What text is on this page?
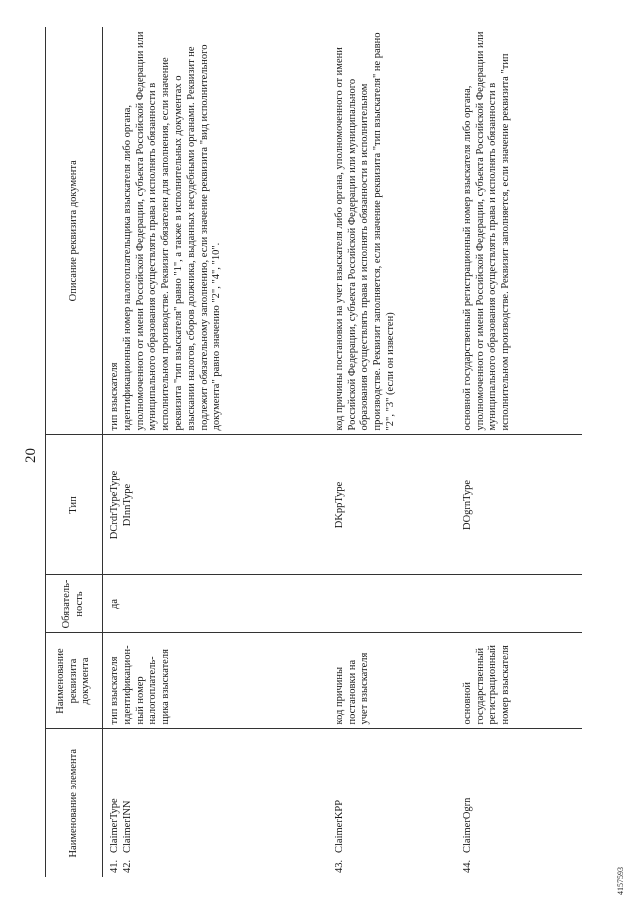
20
Наименование элемента	Наименование реквизита документа	Обязатель-ность	Тип	Описание реквизита документа
41.ClaimerType	тип взыскателя	да	DCrdrTypeType	тип взыскателя
42.ClaimerINN	идентификацион-ный номер налогоплатель-щика взыскателя		DInnType	идентификационный номер налогоплательщика взыскателя либо органа, уполномоченного от имени Российской Федерации, субъекта Российской Федерации или муниципального образования осуществлять права и исполнять обязанности в исполнительном производстве. Реквизит обязателен для заполнения, если значение реквизита "тип взыскателя" равно "1", а также в исполнительных документах о взыскании налогов, сборов должника, выданных несудебными органами. Реквизит не подлежит обязательному заполнению, если значение реквизита "вид исполнительного документа" равно значению "2", "4", "10".
43.ClaimerKPP	код причины постановки на учет взыскателя		DKppType	код причины постановки на учет взыскателя либо органа, уполномоченного от имени Российской Федерации, субъекта Российской Федерации или муниципального образования осуществлять права и исполнять обязанности в исполнительном производстве. Реквизит заполняется, если значение реквизита "тип взыскателя" не равно "2", "3" (если он известен)
44.ClaimerOgrn	основной государственный регистрационный номер взыскателя		DOgrnType	основной государственный регистрационный номер взыскателя либо органа, уполномоченного от имени Российской Федерации, субъекта Российской Федерации или муниципального образования осуществлять права и исполнять обязанности в исполнительном производстве. Реквизит заполняется, если значение реквизита "тип
4157593
